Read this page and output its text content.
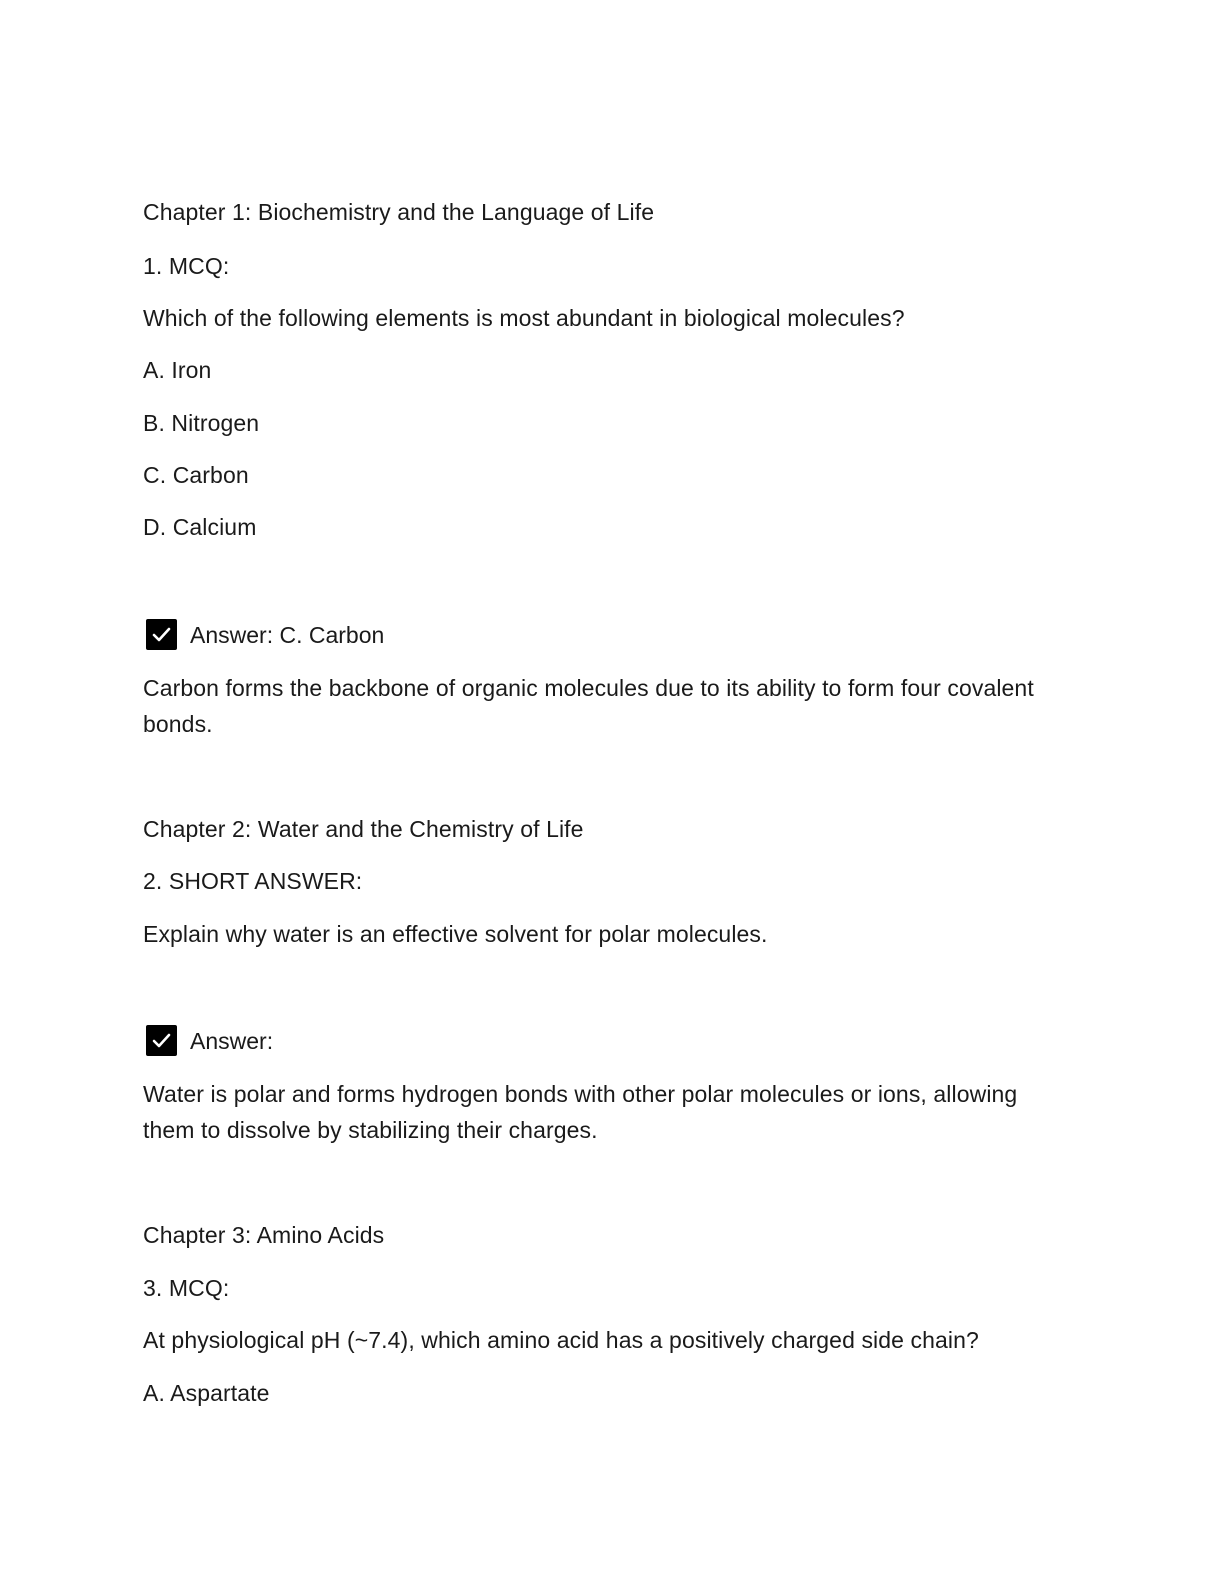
Chapter 1: Biochemistry and the Language of Life
1. MCQ:
Which of the following elements is most abundant in biological molecules?
A. Iron
B. Nitrogen
C. Carbon
D. Calcium
Answer: C. Carbon
Carbon forms the backbone of organic molecules due to its ability to form four covalent bonds.
Chapter 2: Water and the Chemistry of Life
2. SHORT ANSWER:
Explain why water is an effective solvent for polar molecules.
Answer:
Water is polar and forms hydrogen bonds with other polar molecules or ions, allowing them to dissolve by stabilizing their charges.
Chapter 3: Amino Acids
3. MCQ:
At physiological pH (~7.4), which amino acid has a positively charged side chain?
A. Aspartate
